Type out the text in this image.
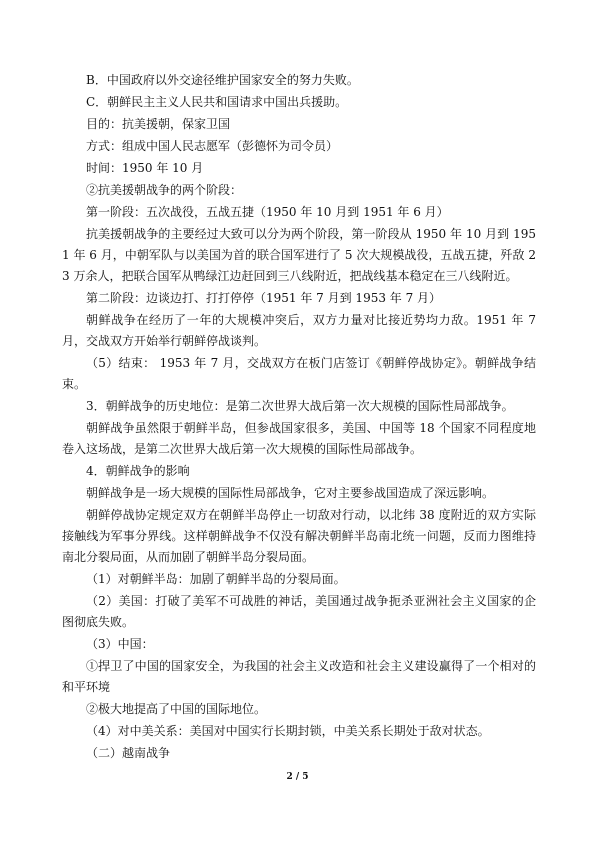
B．中国政府以外交途径维护国家安全的努力失败。

C．朝鲜民主主义人民共和国请求中国出兵援助。

目的：抗美援朝，保家卫国

方式：组成中国人民志愿军（彭德怀为司令员）

时间：1950 年 10 月

②抗美援朝战争的两个阶段：

第一阶段：五次战役，五战五捷（1950 年 10 月到 1951 年 6 月）

抗美援朝战争的主要经过大致可以分为两个阶段，第一阶段从 1950 年 10 月到 1951 年 6 月，中朝军队与以美国为首的联合国军进行了 5 次大规模战役，五战五捷，歼敌 23 万余人，把联合国军从鸭绿江边赶回到三八线附近，把战线基本稳定在三八线附近。

第二阶段：边谈边打、打打停停（1951 年 7 月到 1953 年 7 月）

朝鲜战争在经历了一年的大规模冲突后，双方力量对比接近势均力敌。1951 年 7 月，交战双方开始举行朝鲜停战谈判。

（5）结束： 1953 年 7 月，交战双方在板门店签订《朝鲜停战协定》。朝鲜战争结束。

3．朝鲜战争的历史地位：是第二次世界大战后第一次大规模的国际性局部战争。

朝鲜战争虽然限于朝鲜半岛，但参战国家很多，美国、中国等 18 个国家不同程度地卷入这场战，是第二次世界大战后第一次大规模的国际性局部战争。

4．朝鲜战争的影响

朝鲜战争是一场大规模的国际性局部战争，它对主要参战国造成了深远影响。

朝鲜停战协定规定双方在朝鲜半岛停止一切敌对行动，以北纬 38 度附近的双方实际接触线为军事分界线。这样朝鲜战争不仅没有解决朝鲜半岛南北统一问题，反而力图维持南北分裂局面，从而加剧了朝鲜半岛分裂局面。

（1）对朝鲜半岛：加剧了朝鲜半岛的分裂局面。

（2）美国：打破了美军不可战胜的神话，美国通过战争扼杀亚洲社会主义国家的企图彻底失败。

（3）中国：

①捍卫了中国的国家安全，为我国的社会主义改造和社会主义建设赢得了一个相对的和平环境

②极大地提高了中国的国际地位。

（4）对中美关系：美国对中国实行长期封锁，中美关系长期处于敌对状态。

（二）越南战争

2 / 5
